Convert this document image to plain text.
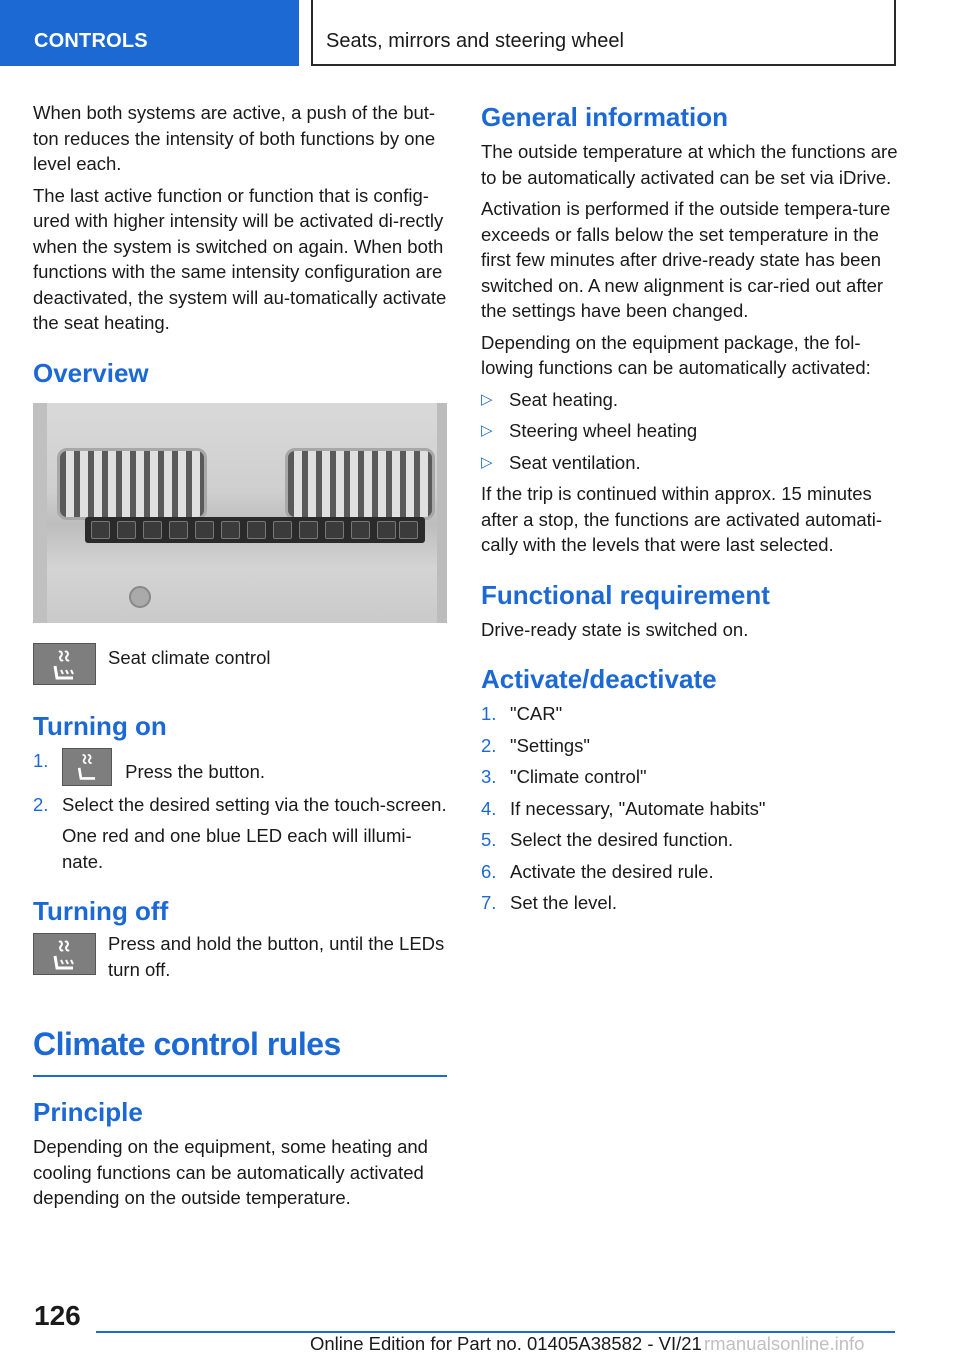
CONTROLS	Seats, mirrors and steering wheel

When both systems are active, a push of the but‐ton reduces the intensity of both functions by one level each.

The last active function or function that is config‐ured with higher intensity will be activated di‐rectly when the system is switched on again. When both functions with the same intensity configuration are deactivated, the system will au‐tomatically activate the seat heating.

Overview
Seat climate control
Turning on
1.
Press the button.
2. Select the desired setting via the touch‐screen.

One red and one blue LED each will illumi‐nate.

Turning off
Press and hold the button, until the LEDs turn off.
Climate control rules
Principle

Depending on the equipment, some heating and cooling functions can be automatically activated depending on the outside temperature.

General information

The outside temperature at which the functions are to be automatically activated can be set via iDrive.

Activation is performed if the outside tempera‐ture exceeds or falls below the set temperature in the first few minutes after drive-ready state has been switched on. A new alignment is car‐ried out after the settings have been changed.

Depending on the equipment package, the fol‐lowing functions can be automatically activated:

▷ Seat heating.
▷ Steering wheel heating
▷ Seat ventilation.

If the trip is continued within approx. 15 minutes after a stop, the functions are activated automati‐cally with the levels that were last selected.

Functional requirement

Drive-ready state is switched on.

Activate/deactivate
1. "CAR"
2. "Settings"
3. "Climate control"
4. If necessary, "Automate habits"
5. Select the desired function.
6. Activate the desired rule.
7. Set the level.
126
Online Edition for Part no. 01405A38582 - VI/21 rmanualsonline.info
